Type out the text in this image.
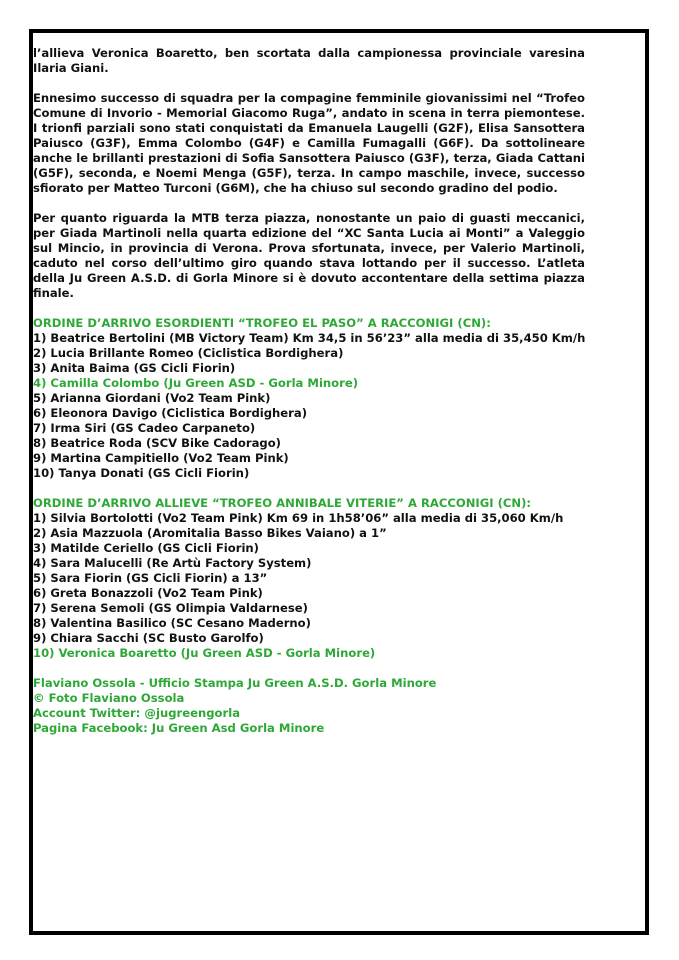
l’allieva Veronica Boaretto, ben scortata dalla campionessa provinciale varesina Ilaria Giani.

Ennesimo successo di squadra per la compagine femminile giovanissimi nel “Trofeo Comune di Invorio - Memorial Giacomo Ruga”, andato in scena in terra piemontese. I trionfi parziali sono stati conquistati da Emanuela Laugelli (G2F), Elisa Sansottera Paiusco (G3F), Emma Colombo (G4F) e Camilla Fumagalli (G6F). Da sottolineare anche le brillanti prestazioni di Sofia Sansottera Paiusco (G3F), terza, Giada Cattani (G5F), seconda, e Noemi Menga (G5F), terza. In campo maschile, invece, successo sfiorato per Matteo Turconi (G6M), che ha chiuso sul secondo gradino del podio.

Per quanto riguarda la MTB terza piazza, nonostante un paio di guasti meccanici, per Giada Martinoli nella quarta edizione del “XC Santa Lucia ai Monti” a Valeggio sul Mincio, in provincia di Verona. Prova sfortunata, invece, per Valerio Martinoli, caduto nel corso dell’ultimo giro quando stava lottando per il successo. L’atleta della Ju Green A.S.D. di Gorla Minore si è dovuto accontentare della settima piazza finale.

ORDINE D’ARRIVO ESORDIENTI “TROFEO EL PASO” A RACCONIGI (CN):
1) Beatrice Bertolini (MB Victory Team) Km 34,5 in 56’23” alla media di 35,450 Km/h
2) Lucia Brillante Romeo (Ciclistica Bordighera)
3) Anita Baima (GS Cicli Fiorin)
4) Camilla Colombo (Ju Green ASD - Gorla Minore)
5) Arianna Giordani (Vo2 Team Pink)
6) Eleonora Davigo (Ciclistica Bordighera)
7) Irma Siri (GS Cadeo Carpaneto)
8) Beatrice Roda (SCV Bike Cadorago)
9) Martina Campitiello (Vo2 Team Pink)
10) Tanya Donati (GS Cicli Fiorin)
ORDINE D’ARRIVO ALLIEVE “TROFEO ANNIBALE VITERIE” A RACCONIGI (CN):
1) Silvia Bortolotti (Vo2 Team Pink) Km 69 in 1h58’06” alla media di 35,060 Km/h
2) Asia Mazzuola (Aromitalia Basso Bikes Vaiano) a 1”
3) Matilde Ceriello (GS Cicli Fiorin)
4) Sara Malucelli (Re Artù Factory System)
5) Sara Fiorin (GS Cicli Fiorin) a 13”
6) Greta Bonazzoli (Vo2 Team Pink)
7) Serena Semoli (GS Olimpia Valdarnese)
8) Valentina Basilico (SC Cesano Maderno)
9) Chiara Sacchi (SC Busto Garolfo)
10) Veronica Boaretto (Ju Green ASD - Gorla Minore)
Flaviano Ossola - Ufficio Stampa Ju Green A.S.D. Gorla Minore
© Foto Flaviano Ossola
Account Twitter: @jugreengorla
Pagina Facebook: Ju Green Asd Gorla Minore
